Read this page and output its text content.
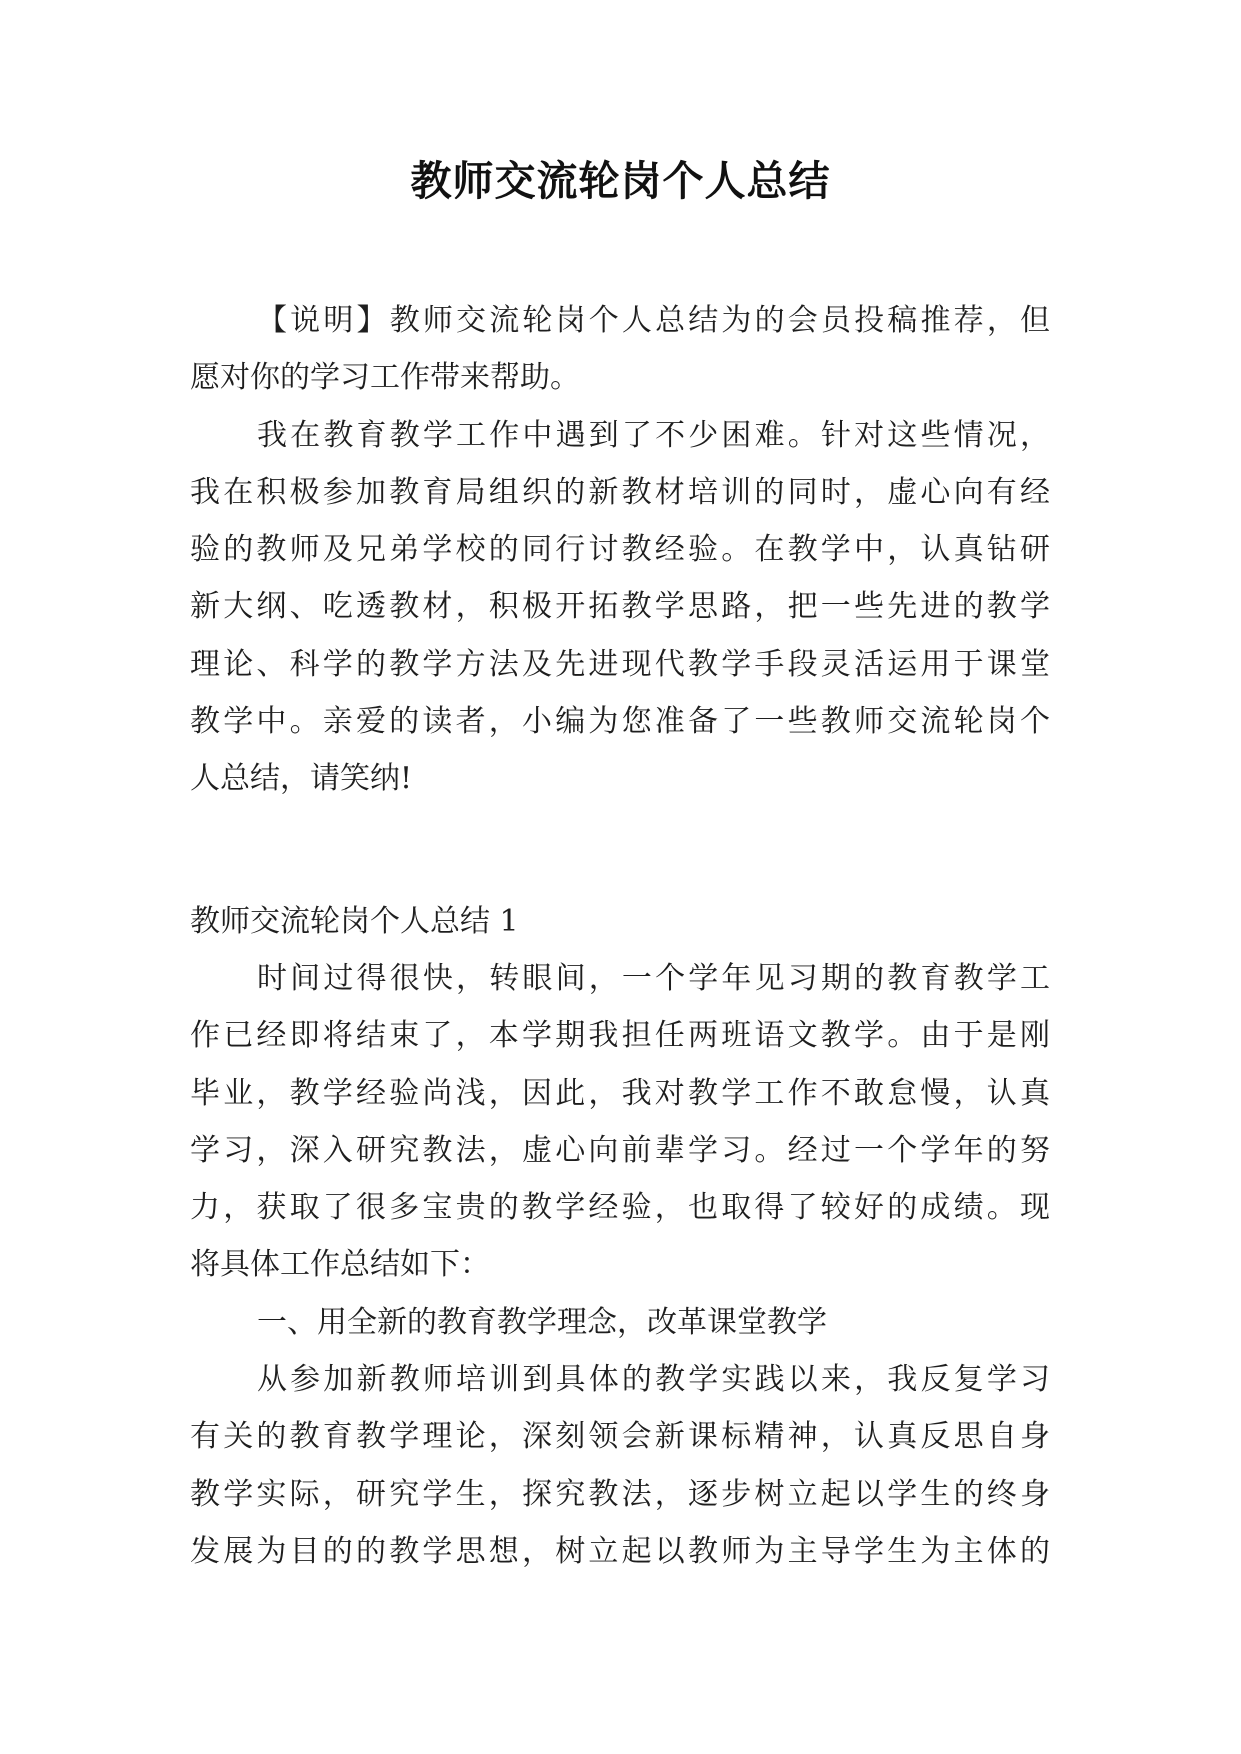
教师交流轮岗个人总结
【说明】教师交流轮岗个人总结为的会员投稿推荐，但
愿对你的学习工作带来帮助。
我在教育教学工作中遇到了不少困难。针对这些情况，
我在积极参加教育局组织的新教材培训的同时，虚心向有经
验的教师及兄弟学校的同行讨教经验。在教学中，认真钻研
新大纲、吃透教材，积极开拓教学思路，把一些先进的教学
理论、科学的教学方法及先进现代教学手段灵活运用于课堂
教学中。亲爱的读者，小编为您准备了一些教师交流轮岗个
人总结，请笑纳!
教师交流轮岗个人总结 1
时间过得很快，转眼间，一个学年见习期的教育教学工
作已经即将结束了，本学期我担任两班语文教学。由于是刚
毕业，教学经验尚浅，因此，我对教学工作不敢怠慢，认真
学习，深入研究教法，虚心向前辈学习。经过一个学年的努
力，获取了很多宝贵的教学经验，也取得了较好的成绩。现
将具体工作总结如下：
一、用全新的教育教学理念，改革课堂教学
从参加新教师培训到具体的教学实践以来，我反复学习
有关的教育教学理论，深刻领会新课标精神，认真反思自身
教学实际，研究学生，探究教法，逐步树立起以学生的终身
发展为目的的教学思想，树立起以教师为主导学生为主体的
